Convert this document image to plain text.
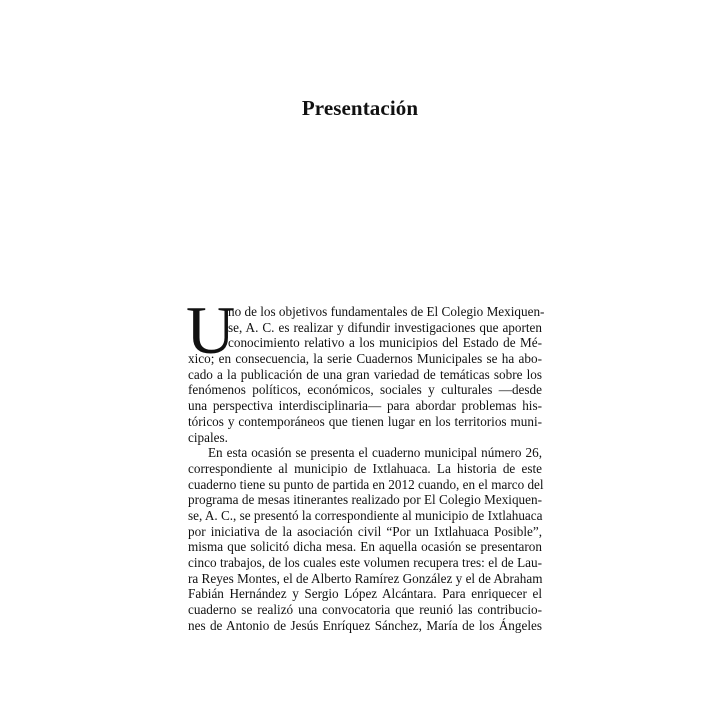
Presentación
U
no de los objetivos fundamentales de El Colegio Mexiquen-
se, A. C. es realizar y difundir investigaciones que aporten
conocimiento relativo a los municipios del Estado de Mé-
xico; en consecuencia, la serie Cuadernos Municipales se ha abo-
cado a la publicación de una gran variedad de temáticas sobre los
fenómenos políticos, económicos, sociales y culturales —desde
una perspectiva interdisciplinaria— para abordar problemas his-
tóricos y contemporáneos que tienen lugar en los territorios muni-
cipales.
En esta ocasión se presenta el cuaderno municipal número 26,
correspondiente al municipio de Ixtlahuaca. La historia de este
cuaderno tiene su punto de partida en 2012 cuando, en el marco del
programa de mesas itinerantes realizado por El Colegio Mexiquen-
se, A. C., se presentó la correspondiente al municipio de Ixtlahuaca
por iniciativa de la asociación civil “Por un Ixtlahuaca Posible”,
misma que solicitó dicha mesa. En aquella ocasión se presentaron
cinco trabajos, de los cuales este volumen recupera tres: el de Lau-
ra Reyes Montes, el de Alberto Ramírez González y el de Abraham
Fabián Hernández y Sergio López Alcántara. Para enriquecer el
cuaderno se realizó una convocatoria que reunió las contribucio-
nes de Antonio de Jesús Enríquez Sánchez, María de los Ángeles
